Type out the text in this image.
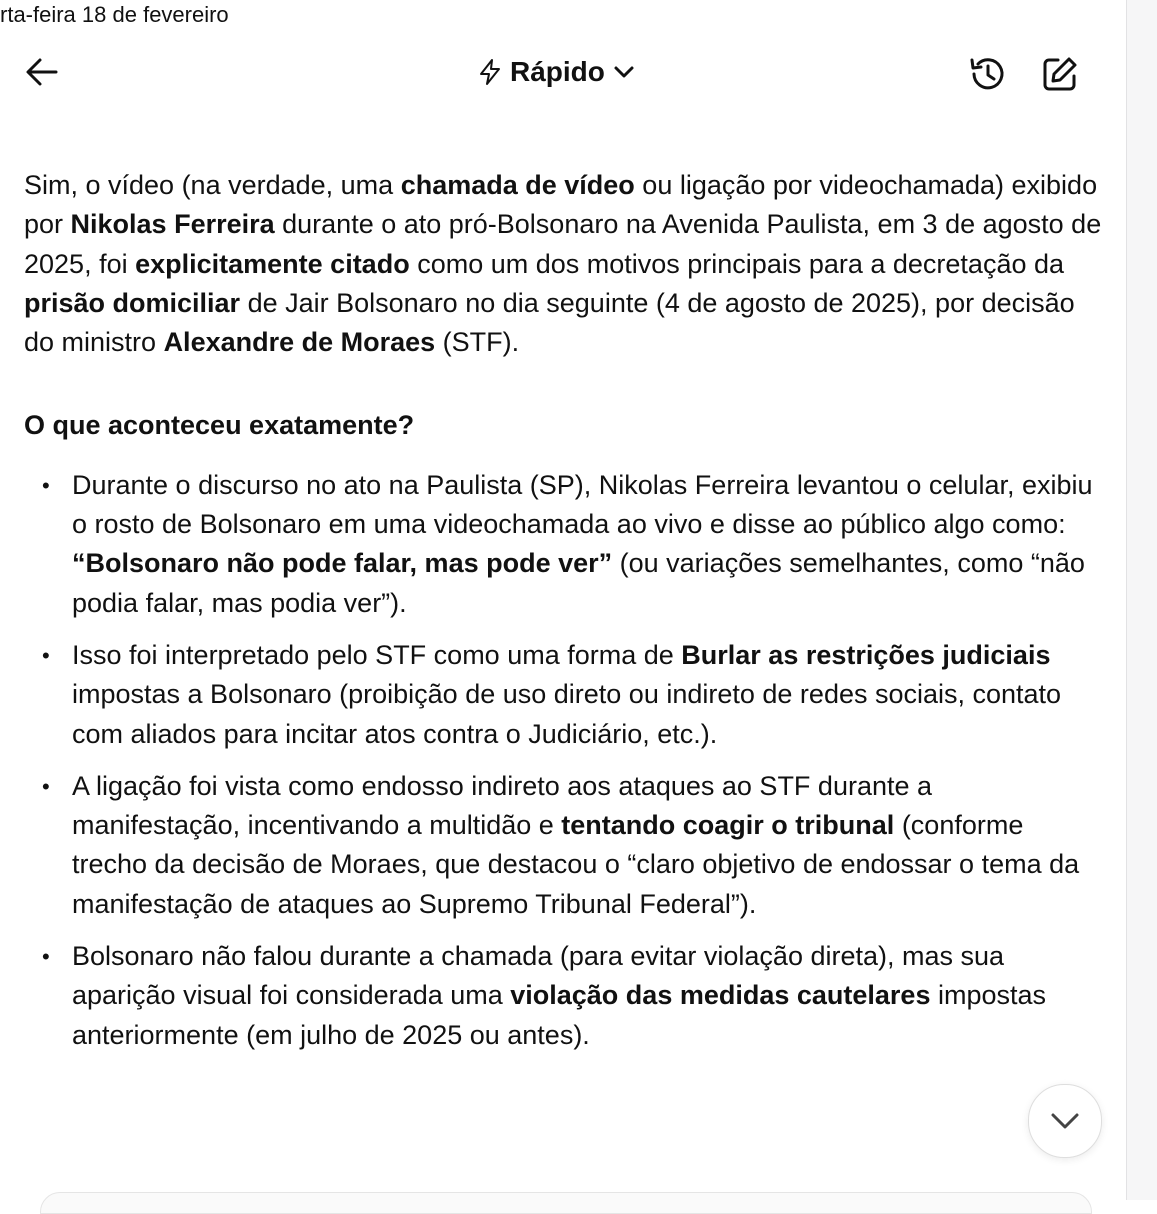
rta-feira 18 de fevereiro
Rápido

Sim, o vídeo (na verdade, uma chamada de vídeo ou ligação por videochamada) exibido por Nikolas Ferreira durante o ato pró-Bolsonaro na Avenida Paulista, em 3 de agosto de 2025, foi explicitamente citado como um dos motivos principais para a decretação da prisão domiciliar de Jair Bolsonaro no dia seguinte (4 de agosto de 2025), por decisão do ministro Alexandre de Moraes (STF).

O que aconteceu exatamente?

• Durante o discurso no ato na Paulista (SP), Nikolas Ferreira levantou o celular, exibiu o rosto de Bolsonaro em uma videochamada ao vivo e disse ao público algo como: “Bolsonaro não pode falar, mas pode ver” (ou variações semelhantes, como “não podia falar, mas podia ver”).
• Isso foi interpretado pelo STF como uma forma de Burlar as restrições judiciais impostas a Bolsonaro (proibição de uso direto ou indireto de redes sociais, contato com aliados para incitar atos contra o Judiciário, etc.).
• A ligação foi vista como endosso indireto aos ataques ao STF durante a manifestação, incentivando a multidão e tentando coagir o tribunal (conforme trecho da decisão de Moraes, que destacou o “claro objetivo de endossar o tema da manifestação de ataques ao Supremo Tribunal Federal”).
• Bolsonaro não falou durante a chamada (para evitar violação direta), mas sua aparição visual foi considerada uma violação das medidas cautelares impostas anteriormente (em julho de 2025 ou antes).
